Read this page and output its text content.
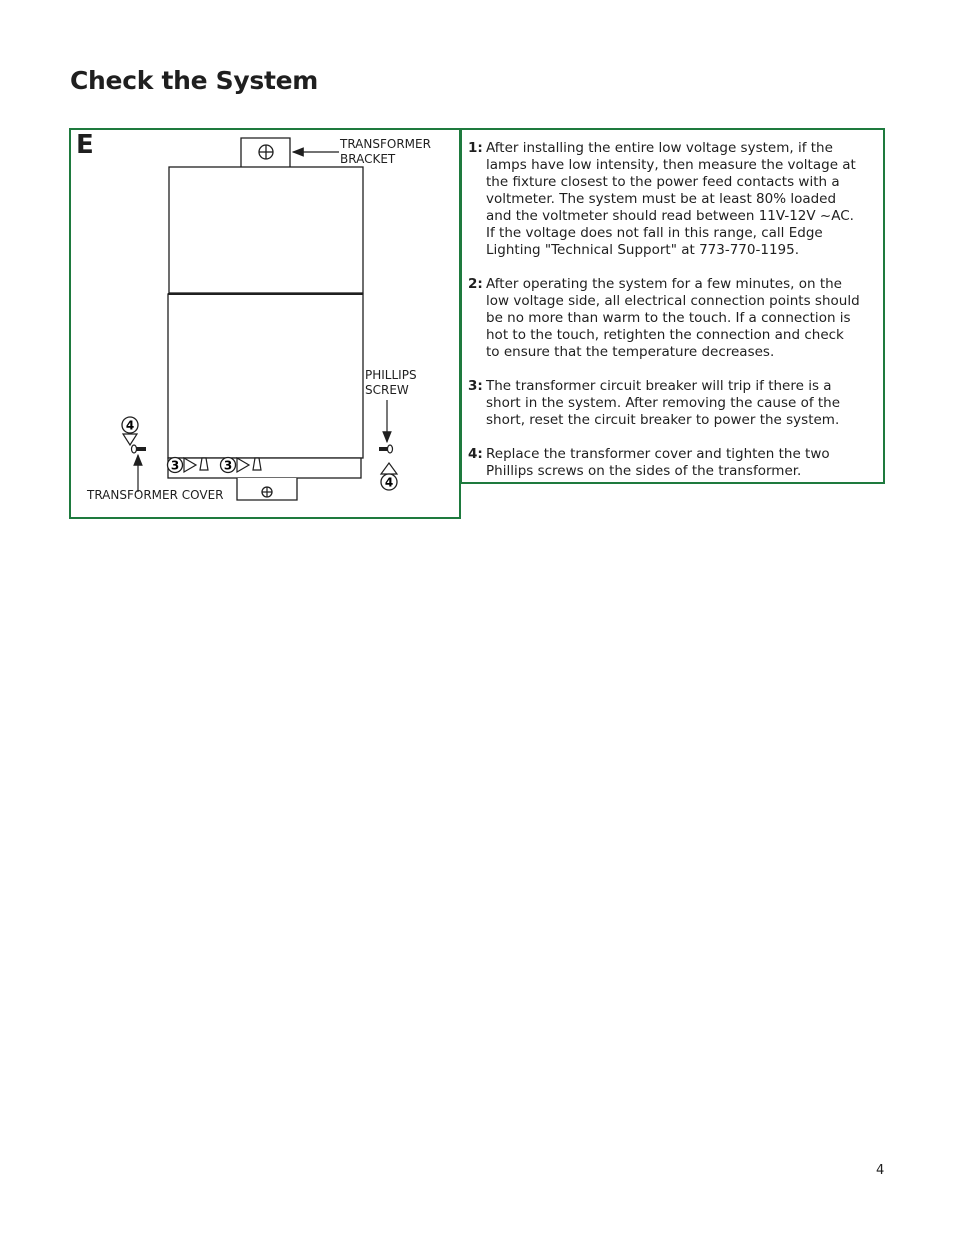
Check the System
E
3	3
4
4
TRANSFORMER
BRACKET
PHILLIPS
SCREW
TRANSFORMER COVER
1: After installing the entire low voltage system, if the lamps have low intensity, then measure the voltage at the fixture closest to the power feed contacts with a voltmeter. The system must be at least 80% loaded and the voltmeter should read between 11V-12V ~AC. If the voltage does not fall in this range, call Edge Lighting "Technical Support" at 773-770-1195.
2: After operating the system for a few minutes, on the low voltage side, all electrical connection points should be no more than warm to the touch. If a connection is hot to the touch, retighten the connection and check to ensure that the temperature decreases.
3: The transformer circuit breaker will trip if there is a short in the system. After removing the cause of the short, reset the circuit breaker to power the system.
4: Replace the transformer cover and tighten the two Phillips screws on the sides of the transformer.
4
